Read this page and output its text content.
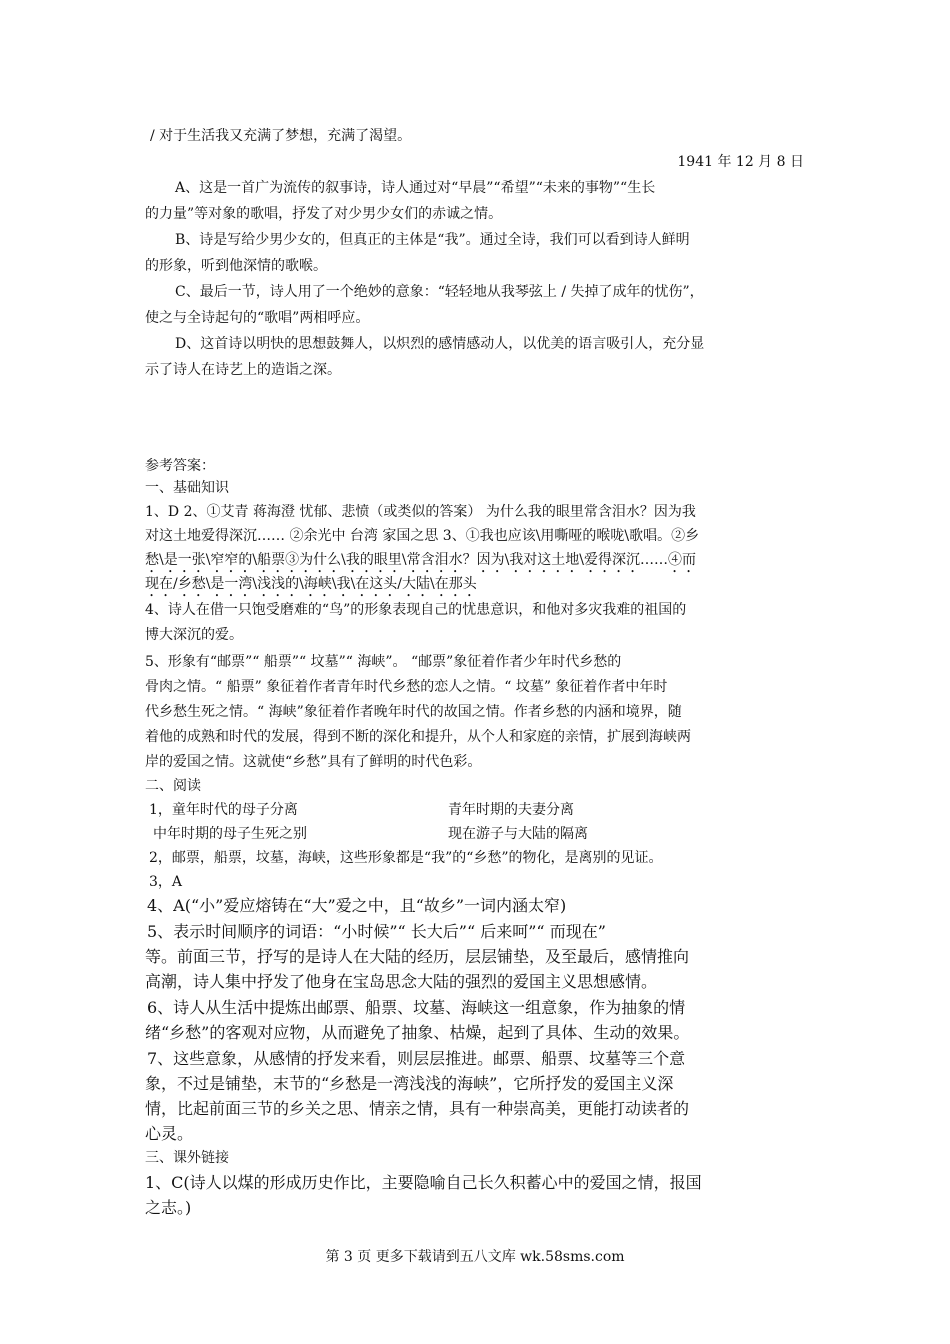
/ 对于生活我又充满了梦想，充满了渴望。
1941 年 12 月 8 日
A、这是一首广为流传的叙事诗，诗人通过对“早晨”“希望”“未来的事物”“生长
的力量”等对象的歌唱，抒发了对少男少女们的赤诚之情。
B、诗是写给少男少女的，但真正的主体是“我”。通过全诗，我们可以看到诗人鲜明
的形象，听到他深情的歌喉。
C、最后一节，诗人用了一个绝妙的意象：“轻轻地从我琴弦上 / 失掉了成年的忧伤”，
使之与全诗起句的“歌唱”两相呼应。
D、这首诗以明快的思想鼓舞人，以炽烈的感情感动人，以优美的语言吸引人，充分显
示了诗人在诗艺上的造诣之深。
参考答案：
一、基础知识
1、D 2、①艾青 蒋海澄 忧郁、悲愤（或类似的答案） 为什么我的眼里常含泪水？因为我
对这土地爱得深沉…… ②余光中 台湾 家国之思 3、①我也应该\用嘶哑的喉咙\歌唱。②乡
愁\是一张\窄窄的\船票③为什么\我的眼里\常含泪水？因为\我对这土地\爱得深沉……④而
现在/乡愁\是一湾\浅浅的\海峡\我\在这头/大陆\在那头
4、诗人在借一只饱受磨难的“鸟”的形象表现自己的忧患意识，和他对多灾我难的祖国的
博大深沉的爱。
5、形象有“邮票”“ 船票”“ 坟墓”“ 海峡”。 “邮票”象征着作者少年时代乡愁的
骨肉之情。“ 船票” 象征着作者青年时代乡愁的恋人之情。“ 坟墓” 象征着作者中年时
代乡愁生死之情。“ 海峡”象征着作者晚年时代的故国之情。作者乡愁的内涵和境界，随
着他的成熟和时代的发展，得到不断的深化和提升，从个人和家庭的亲情，扩展到海峡两
岸的爱国之情。这就使“乡愁”具有了鲜明的时代色彩。
二、阅读
1，童年时代的母子分离	青年时期的夫妻分离
中年时期的母子生死之别	现在游子与大陆的隔离
2，邮票，船票，坟墓，海峡，这些形象都是“我”的“乡愁”的物化，是离别的见证。
3，A
4、A(“小”爱应熔铸在“大”爱之中，且“故乡”一词内涵太窄)
5、表示时间顺序的词语：“小时候”“ 长大后”“ 后来呵”“ 而现在”
等。前面三节，抒写的是诗人在大陆的经历，层层铺垫，及至最后，感情推向
高潮，诗人集中抒发了他身在宝岛思念大陆的强烈的爱国主义思想感情。
6、诗人从生活中提炼出邮票、船票、坟墓、海峡这一组意象，作为抽象的情
绪“乡愁”的客观对应物，从而避免了抽象、枯燥，起到了具体、生动的效果。
7、这些意象，从感情的抒发来看，则层层推进。邮票、船票、坟墓等三个意
象，不过是铺垫，末节的“乡愁是一湾浅浅的海峡”，它所抒发的爱国主义深
情，比起前面三节的乡关之思、情亲之情，具有一种崇高美，更能打动读者的
心灵。
三、课外链接
1、C(诗人以煤的形成历史作比，主要隐喻自己长久积蓄心中的爱国之情，报国
之志。)
第 3 页 更多下载请到五八文库 wk.58sms.com
